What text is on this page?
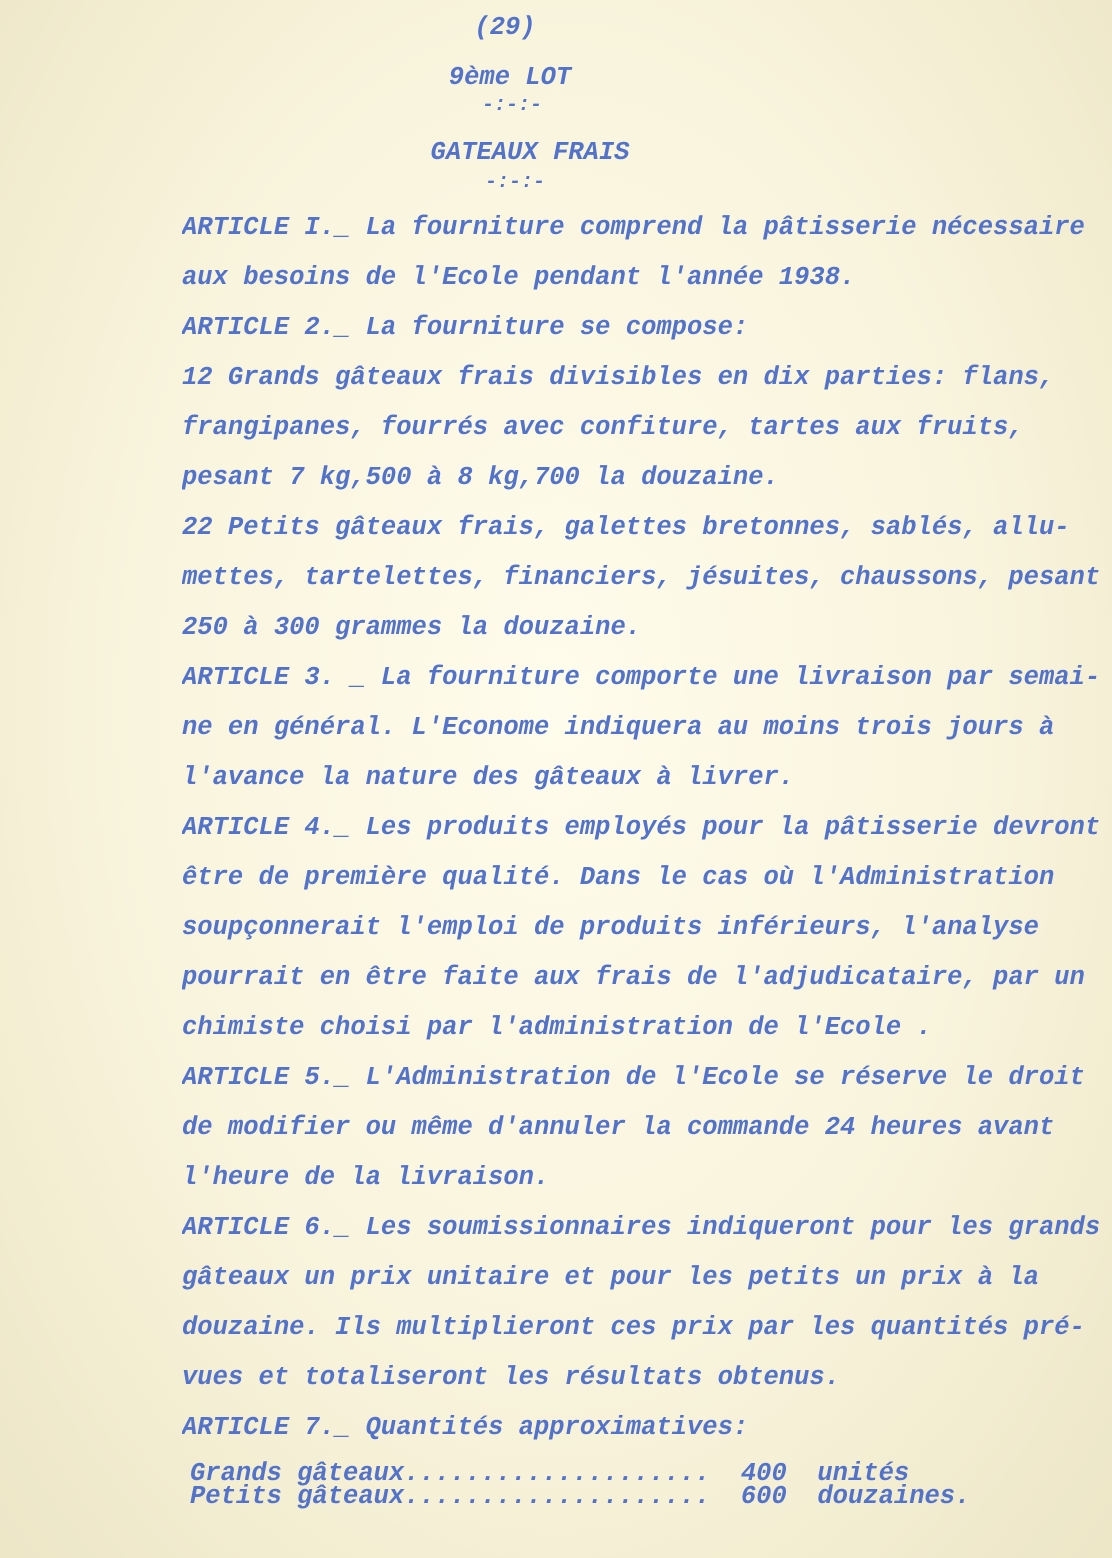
(29)
9ème LOT
-:-:-
GATEAUX FRAIS
-:-:-
ARTICLE I._ La fourniture comprend la pâtisserie nécessaire
aux besoins de l'Ecole pendant l'année 1938.
ARTICLE 2._ La fourniture se compose:
12 Grands gâteaux frais divisibles en dix parties: flans,
frangipanes, fourrés avec confiture, tartes aux fruits,
pesant 7 kg,500 à 8 kg,700 la douzaine.
22 Petits gâteaux frais, galettes bretonnes, sablés, allu-
mettes, tartelettes, financiers, jésuites, chaussons, pesant
250 à 300 grammes la douzaine.
ARTICLE 3. _ La fourniture comporte une livraison par semai-
ne en général. L'Econome indiquera au moins trois jours à
l'avance la nature des gâteaux à livrer.
ARTICLE 4._ Les produits employés pour la pâtisserie devront
être de première qualité. Dans le cas où l'Administration
soupçonnerait l'emploi de produits inférieurs, l'analyse
pourrait en être faite aux frais de l'adjudicataire, par un
chimiste choisi par l'administration de l'Ecole .
ARTICLE 5._ L'Administration de l'Ecole se réserve le droit
de modifier ou même d'annuler la commande 24 heures avant
l'heure de la livraison.
ARTICLE 6._ Les soumissionnaires indiqueront pour les grands
gâteaux un prix unitaire et pour les petits un prix à la
douzaine. Ils multiplieront ces prix par les quantités pré-
vues et totaliseront les résultats obtenus.
ARTICLE 7._ Quantités approximatives:
Grands gâteaux.................... 400 unités
Petits gâteaux.................... 600 douzaines.
